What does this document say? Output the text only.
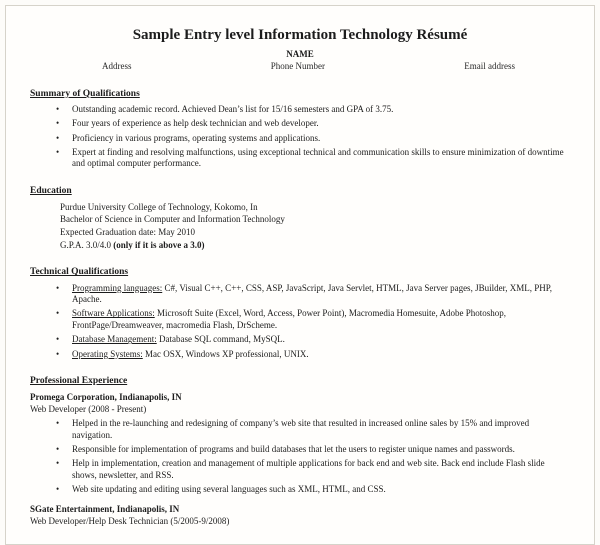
Sample Entry level Information Technology Résumé
NAME
Address	Phone Number	Email address
Summary of Qualifications
•
Outstanding academic record. Achieved Dean’s list for 15/16 semesters and GPA of 3.75.
•
Four years of experience as help desk technician and web developer.
•
Proficiency in various programs, operating systems and applications.
•
Expert at finding and resolving malfunctions, using exceptional technical and communication skills to ensure minimization of downtime and optimal computer performance.
Education
Purdue University College of Technology, Kokomo, In
Bachelor of Science in Computer and Information Technology
Expected Graduation date: May 2010
G.P.A. 3.0/4.0 (only if it is above a 3.0)
Technical Qualifications
•
Programming languages: C#, Visual C++, C++, CSS, ASP, JavaScript, Java Servlet, HTML, Java Server pages, JBuilder, XML, PHP, Apache.
•
Software Applications: Microsoft Suite (Excel, Word, Access, Power Point), Macromedia Homesuite, Adobe Photoshop, FrontPage/Dreamweaver, macromedia Flash, DrScheme.
•
Database Management: Database SQL command, MySQL.
•
Operating Systems: Mac OSX, Windows XP professional, UNIX.
Professional Experience
Promega Corporation, Indianapolis, IN
Web Developer (2008 - Present)
•
Helped in the re-launching and redesigning of company’s web site that resulted in increased online sales by 15% and improved navigation.
•
Responsible for implementation of programs and build databases that let the users to register unique names and passwords.
•
Help in implementation, creation and management of multiple applications for back end and web site. Back end include Flash slide shows, newsletter, and RSS.
•
Web site updating and editing using several languages such as XML, HTML, and CSS.
SGate Entertainment, Indianapolis, IN
Web Developer/Help Desk Technician (5/2005-9/2008)
